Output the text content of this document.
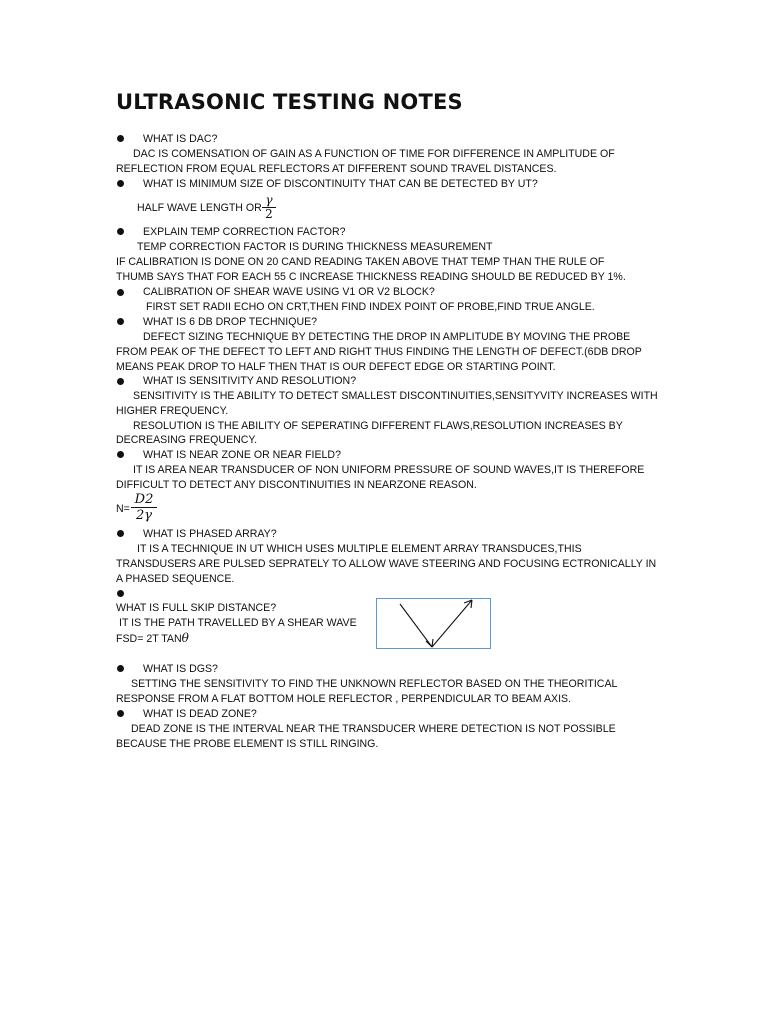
ULTRASONIC TESTING NOTES
WHAT IS DAC?
DAC IS COMENSATION OF GAIN AS A FUNCTION OF TIME FOR DIFFERENCE IN AMPLITUDE OF
REFLECTION FROM EQUAL REFLECTORS AT DIFFERENT SOUND TRAVEL DISTANCES.
WHAT IS MINIMUM SIZE OF DISCONTINUITY THAT CAN BE DETECTED BY UT?
HALF WAVE LENGTH OR
γ
2
EXPLAIN TEMP CORRECTION FACTOR?
TEMP CORRECTION FACTOR IS DURING THICKNESS MEASUREMENT
IF CALIBRATION IS DONE ON 20 CAND READING TAKEN ABOVE THAT TEMP THAN THE RULE OF
THUMB SAYS THAT FOR EACH 55 C INCREASE THICKNESS READING SHOULD BE REDUCED BY 1%.
CALIBRATION OF SHEAR WAVE USING V1 OR V2 BLOCK?
FIRST SET RADII ECHO ON CRT,THEN FIND INDEX POINT OF PROBE,FIND TRUE ANGLE.
WHAT IS 6 DB DROP TECHNIQUE?
DEFECT SIZING TECHNIQUE BY DETECTING THE DROP IN AMPLITUDE BY MOVING THE PROBE
FROM PEAK OF THE DEFECT TO LEFT AND RIGHT THUS FINDING THE LENGTH OF DEFECT.(6DB DROP
MEANS PEAK DROP TO HALF THEN THAT IS OUR DEFECT EDGE OR STARTING POINT.
WHAT IS SENSITIVITY AND RESOLUTION?
SENSITIVITY IS THE ABILITY TO DETECT SMALLEST DISCONTINUITIES,SENSITYVITY INCREASES WITH
HIGHER FREQUENCY.
RESOLUTION IS THE ABILITY OF SEPERATING DIFFERENT FLAWS,RESOLUTION INCREASES BY
DECREASING FREQUENCY.
WHAT IS NEAR ZONE OR NEAR FIELD?
IT IS AREA NEAR TRANSDUCER OF NON UNIFORM PRESSURE OF SOUND WAVES,IT IS THEREFORE
DIFFICULT TO DETECT ANY DISCONTINUITIES IN NEARZONE REASON.
N=
D2
2γ
WHAT IS PHASED ARRAY?
IT IS A TECHNIQUE IN UT WHICH USES MULTIPLE ELEMENT ARRAY TRANSDUCES,THIS
TRANSDUSERS ARE PULSED SEPRATELY TO ALLOW WAVE STEERING AND FOCUSING ECTRONICALLY IN
A PHASED SEQUENCE.
WHAT IS FULL SKIP DISTANCE?
IT IS THE PATH TRAVELLED BY A SHEAR WAVE
FSD= 2T TANθ
WHAT IS DGS?
SETTING THE SENSITIVITY TO FIND THE UNKNOWN REFLECTOR BASED ON THE THEORITICAL
RESPONSE FROM A FLAT BOTTOM HOLE REFLECTOR , PERPENDICULAR TO BEAM AXIS.
WHAT IS DEAD ZONE?
DEAD ZONE IS THE INTERVAL NEAR THE TRANSDUCER WHERE DETECTION IS NOT POSSIBLE
BECAUSE THE PROBE ELEMENT IS STILL RINGING.
